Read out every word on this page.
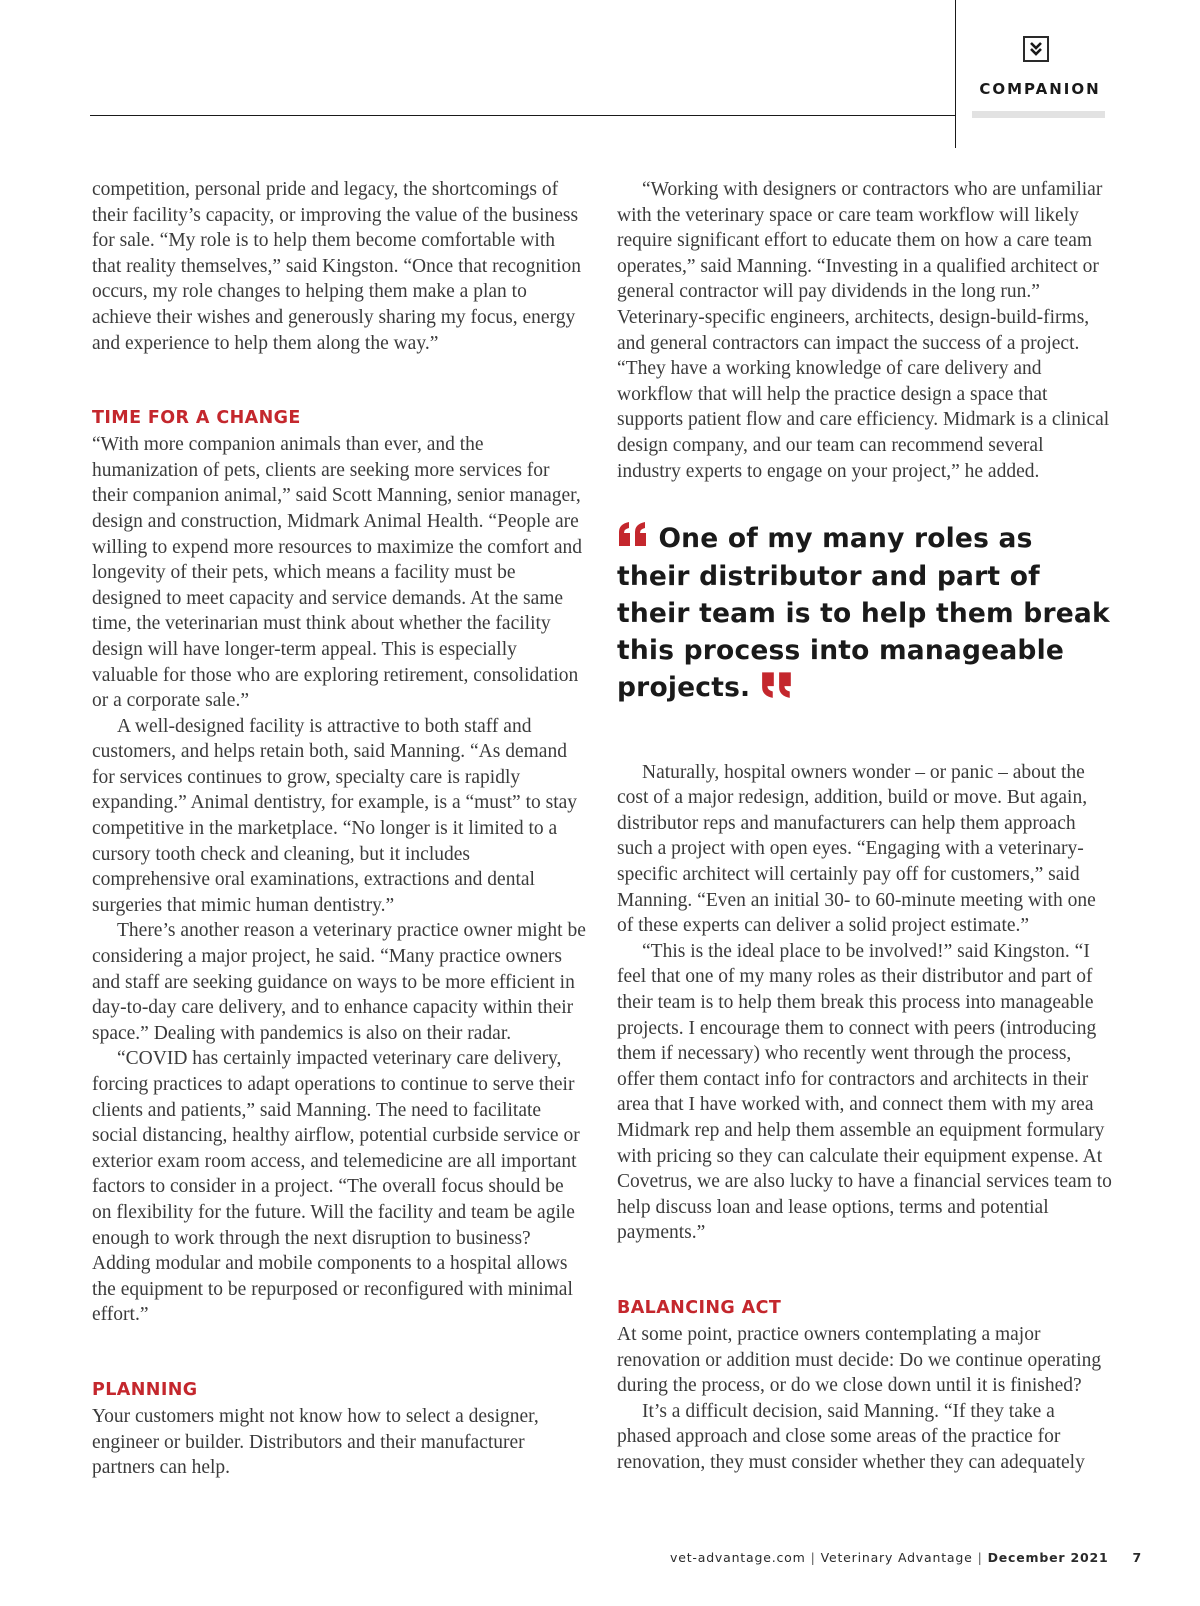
COMPANION

competition, personal pride and legacy, the shortcomings of their facility’s capacity, or improving the value of the business for sale. “My role is to help them become comfortable with that reality themselves,” said Kingston. “Once that recognition occurs, my role changes to helping them make a plan to achieve their wishes and generously sharing my focus, energy and experience to help them along the way.”

TIME FOR A CHANGE

“With more companion animals than ever, and the humanization of pets, clients are seeking more services for their companion animal,” said Scott Manning, senior manager, design and construction, Midmark Animal Health. “People are willing to expend more resources to maximize the comfort and longevity of their pets, which means a facility must be designed to meet capacity and service demands. At the same time, the veterinarian must think about whether the facility design will have longer-term appeal. This is especially valuable for those who are exploring retirement, consolidation or a corporate sale.”

A well-designed facility is attractive to both staff and customers, and helps retain both, said Manning. “As demand for services continues to grow, specialty care is rapidly expanding.” Animal dentistry, for example, is a “must” to stay competitive in the marketplace. “No longer is it limited to a cursory tooth check and cleaning, but it includes comprehensive oral examinations, extractions and dental surgeries that mimic human dentistry.”

There’s another reason a veterinary practice owner might be considering a major project, he said. “Many practice owners and staff are seeking guidance on ways to be more efficient in day-to-day care delivery, and to enhance capacity within their space.” Dealing with pandemics is also on their radar.

“COVID has certainly impacted veterinary care delivery, forcing practices to adapt operations to continue to serve their clients and patients,” said Manning. The need to facilitate social distancing, healthy airflow, potential curbside service or exterior exam room access, and telemedicine are all important factors to consider in a project. “The overall focus should be on flexibility for the future. Will the facility and team be agile enough to work through the next disruption to business? Adding modular and mobile components to a hospital allows the equipment to be repurposed or reconfigured with minimal effort.”

PLANNING

Your customers might not know how to select a designer, engineer or builder. Distributors and their manufacturer partners can help.

“Working with designers or contractors who are unfamiliar with the veterinary space or care team workflow will likely require significant effort to educate them on how a care team operates,” said Manning. “Investing in a qualified architect or general contractor will pay dividends in the long run.” Veterinary-specific engineers, architects, design-build-firms, and general contractors can impact the success of a project. “They have a working knowledge of care delivery and workflow that will help the practice design a space that supports patient flow and care efficiency. Midmark is a clinical design company, and our team can recommend several industry experts to engage on your project,” he added.

One of my many roles as their distributor and part of their team is to help them break this process into manageable projects.

Naturally, hospital owners wonder – or panic – about the cost of a major redesign, addition, build or move. But again, distributor reps and manufacturers can help them approach such a project with open eyes. “Engaging with a veterinary-specific architect will certainly pay off for customers,” said Manning. “Even an initial 30- to 60-minute meeting with one of these experts can deliver a solid project estimate.”

“This is the ideal place to be involved!” said Kingston. “I feel that one of my many roles as their distributor and part of their team is to help them break this process into manageable projects. I encourage them to connect with peers (introducing them if necessary) who recently went through the process, offer them contact info for contractors and architects in their area that I have worked with, and connect them with my area Midmark rep and help them assemble an equipment formulary with pricing so they can calculate their equipment expense. At Covetrus, we are also lucky to have a financial services team to help discuss loan and lease options, terms and potential payments.”

BALANCING ACT

At some point, practice owners contemplating a major renovation or addition must decide: Do we continue operating during the process, or do we close down until it is finished?

It’s a difficult decision, said Manning. “If they take a phased approach and close some areas of the practice for renovation, they must consider whether they can adequately

vet-advantage.com | Veterinary Advantage | December 2021 7
